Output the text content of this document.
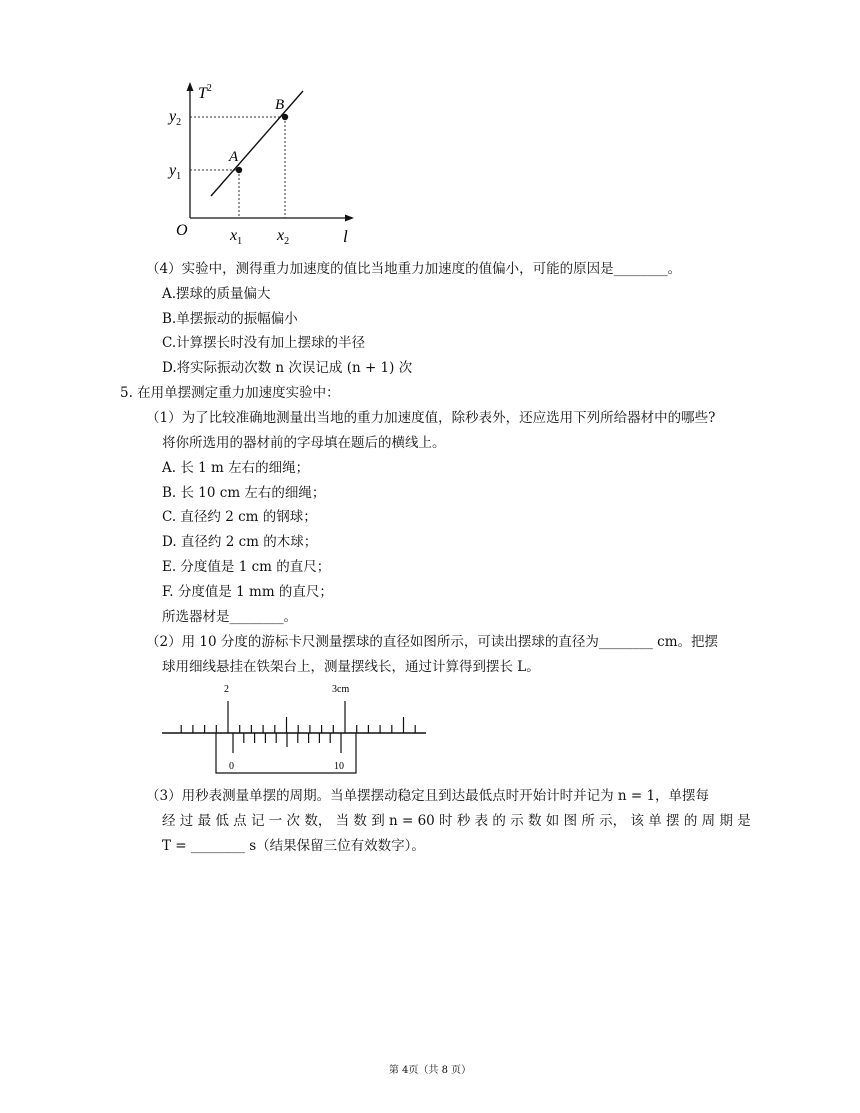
$T^2$
l
O
A
B
$y_2$
$y_1$
$x_1$ $x_2$
（4）实验中，测得重力加速度的值比当地重力加速度的值偏小，可能的原因是________。
A.摆球的质量偏大
B.单摆振动的振幅偏小
C.计算摆长时没有加上摆球的半径
D.将实际振动次数 n 次误记成 (n + 1) 次
5. 在用单摆测定重力加速度实验中：
（1）为了比较准确地测量出当地的重力加速度值，除秒表外，还应选用下列所给器材中的哪些?
将你所选用的器材前的字母填在题后的横线上。
A. 长 1 m 左右的细绳；
B. 长 10 cm 左右的细绳；
C. 直径约 2 cm 的钢球；
D. 直径约 2 cm 的木球；
E. 分度值是 1 cm 的直尺；
F. 分度值是 1 mm 的直尺；
所选器材是________。
（2）用 10 分度的游标卡尺测量摆球的直径如图所示，可读出摆球的直径为________ cm。把摆
球用细线悬挂在铁架台上，测量摆线长，通过计算得到摆长 L。
2	3cm
0	10
（3）用秒表测量单摆的周期。当单摆摆动稳定且到达最低点时开始计时并记为 n = 1，单摆每
经 过 最 低 点 记 一 次 数， 当 数 到 n = 60 时 秒 表 的 示 数 如 图 所 示， 该 单 摆 的 周 期 是
T = ________ s（结果保留三位有效数字）。
第 4页（共 8 页）
